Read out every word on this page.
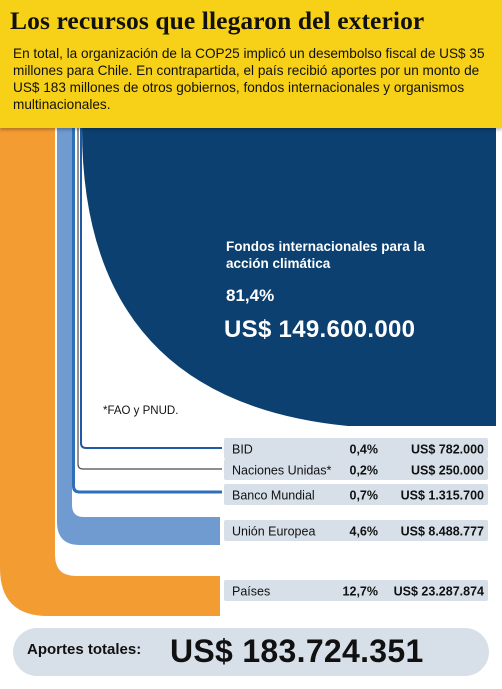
BID	0,4%	US$ 782.000
Naciones Unidas* 0,2%	US$ 250.000
Banco Mundial	0,7% US$ 1.315.700
Unión Europea	4,6% US$ 8.488.777
Países	12,7% US$ 23.287.874
Los recursos que llegaron del exterior
En total, la organización de la COP25 implicó un desembolso fiscal de US$ 35 millones para Chile. En contrapartida, el país recibió aportes por un monto de US$ 183 millones de otros gobiernos, fondos internacionales y organismos multinacionales.
Fondos internacionales para la acción climática
81,4%
US$ 149.600.000
*FAO y PNUD.
Aportes totales: US$ 183.724.351
